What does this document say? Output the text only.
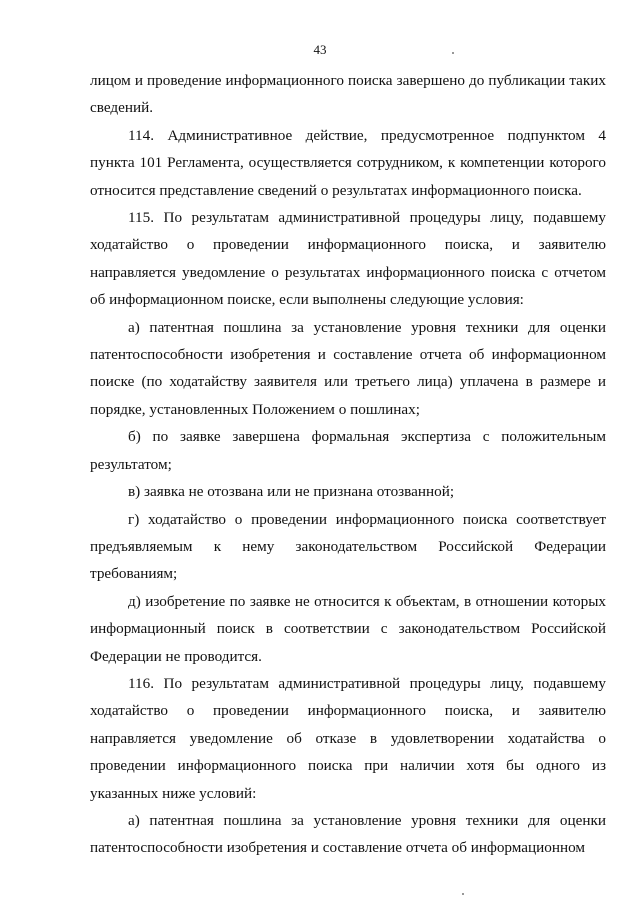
43

лицом и проведение информационного поиска завершено до публикации таких сведений.

114. Административное действие, предусмотренное подпунктом 4 пункта 101 Регламента, осуществляется сотрудником, к компетенции которого относится представление сведений о результатах информационного поиска.

115. По результатам административной процедуры лицу, подавшему ходатайство о проведении информационного поиска, и заявителю направляется уведомление о результатах информационного поиска с отчетом об информационном поиске, если выполнены следующие условия:

а) патентная пошлина за установление уровня техники для оценки патентоспособности изобретения и составление отчета об информационном поиске (по ходатайству заявителя или третьего лица) уплачена в размере и порядке, установленных Положением о пошлинах;

б) по заявке завершена формальная экспертиза с положительным результатом;

в) заявка не отозвана или не признана отозванной;

г) ходатайство о проведении информационного поиска соответствует предъявляемым к нему законодательством Российской Федерации требованиям;

д) изобретение по заявке не относится к объектам, в отношении которых информационный поиск в соответствии с законодательством Российской Федерации не проводится.

116. По результатам административной процедуры лицу, подавшему ходатайство о проведении информационного поиска, и заявителю направляется уведомление об отказе в удовлетворении ходатайства о проведении информационного поиска при наличии хотя бы одного из указанных ниже условий:

а) патентная пошлина за установление уровня техники для оценки патентоспособности изобретения и составление отчета об информационном
